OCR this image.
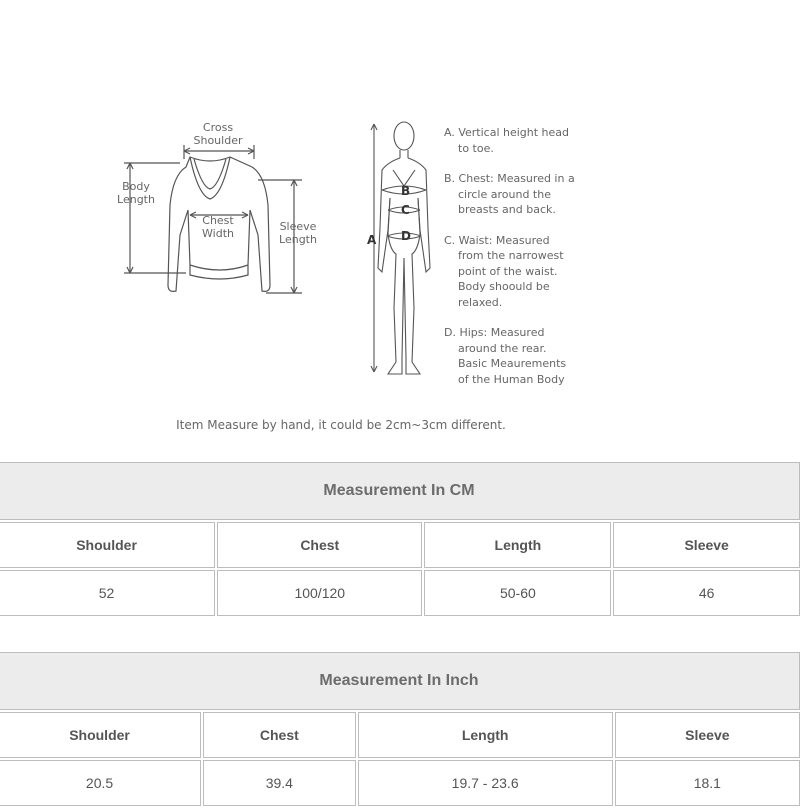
Cross
Shoulder
Body
Length
Chest
Width
Sleeve
Length	A
B
C
D

A. Vertical height head
to toe.

B. Chest: Measured in a
circle around the
breasts and back.

C. Waist: Measured
from the narrowest
point of the waist.
Body shoould be
relaxed.

D. Hips: Measured
around the rear.
Basic Meaurements
of the Human Body

Item Measure by hand, it could be 2cm~3cm different.
Measurement In CM			
Shoulder	Chest	Length	Sleeve
52	100/120	50-60	46
Measurement In Inch			
Shoulder	Chest	Length	Sleeve
20.5	39.4	19.7 - 23.6	18.1
